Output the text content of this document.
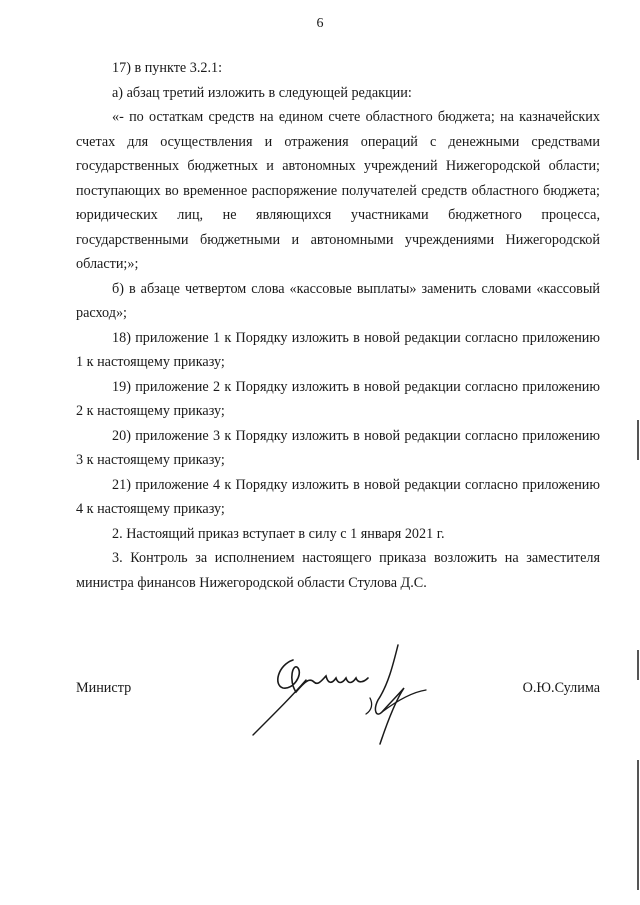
6

17) в пункте 3.2.1:

а) абзац третий изложить в следующей редакции:

«- по остаткам средств на едином счете областного бюджета; на казначейских счетах для осуществления и отражения операций с денежными средствами государственных бюджетных и автономных учреждений Нижегородской области; поступающих во временное распоряжение получателей средств областного бюджета; юридических лиц, не являющихся участниками бюджетного процесса, государственными бюджетными и автономными учреждениями Нижегородской области;»;

б) в абзаце четвертом слова «кассовые выплаты» заменить словами «кассовый расход»;

18) приложение 1 к Порядку изложить в новой редакции согласно приложению 1 к настоящему приказу;

19) приложение 2 к Порядку изложить в новой редакции согласно приложению 2 к настоящему приказу;

20) приложение 3 к Порядку изложить в новой редакции согласно приложению 3 к настоящему приказу;

21) приложение 4 к Порядку изложить в новой редакции согласно приложению 4 к настоящему приказу;

2. Настоящий приказ вступает в силу с 1 января 2021 г.

3. Контроль за исполнением настоящего приказа возложить на заместителя министра финансов Нижегородской области Стулова Д.С.

Министр	О.Ю.Сулима
